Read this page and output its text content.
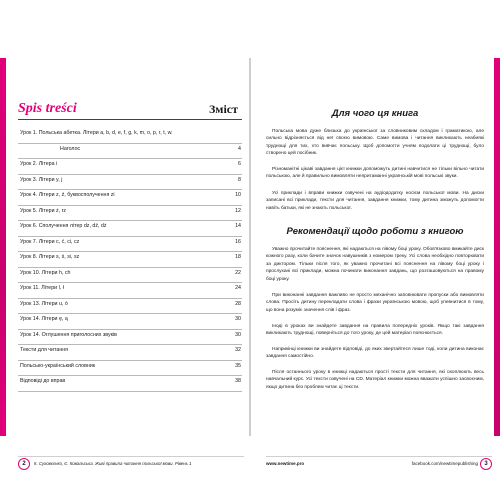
Spis treści	Зміст
Урок 1. Польська абетка. Літери a, b, d, e, f, g, k, m, o, p, r, t, w.
Наголос	4
Урок 2. Літера i	6
Урок 3. Літери y, j	8
Урок 4. Літери z, ź, буквосполучення zi	10
Урок 5. Літери ż, rz	12
Урок 6. Сполучення літер dz, dź, dż	14
Урок 7. Літери c, ć, ci, cz	16
Урок 8. Літери s, ś, si, sz	18
Урок 10. Літери h, ch	22
Урок 11. Літери l, ł	24
Урок 13. Літери u, ó	28
Урок 14. Літери ę, ą	30
Урок 14. Оглушення приголосних звуків	30
Тексти для читання	32
Польсько-український словник	35
Відповіді до вправ	38
2	К. Суховєєнко, Є. Ковальська. Живі правила читання польської мови. Рівень 1
Для чого ця книга
Польська мова дуже близька до української за словниковим складом і граматикою, але сильно відрізняється від неї своєю вимовою. Саме вимова і читання викликають неабиякі труднощі для тих, хто вивчає польську. Щоб допомогти учням подолати ці труднощі, було створено цей посібник.
Різноманітні цікаві завдання цієї книжки допоможуть дитині навчитися не тільки вільно читати польською, але й правильно вимовляти непритаманні українській мові польські звуки.
Усі приклади і вправи книжки озвучені на аудіододатку носієм польської мови. На диски записані всі приклади, тексти для читання, завдання книжки, тому дитина зможуть допомогти навіть батьки, які не знають польської.
Рекомендації щодо роботи з книгою
Уважно прочитайте пояснення, які надаються на лівому боці уроку. Обов'язково вмикайте диск кожного разу, коли бачите значок навушників з номером треку. Усі слова необхідно повторювати за диктором. Тільки після того, як уважно прочитані всі пояснення на лівому боці уроку і прослухані всі приклади, можна починати виконання завдань, що розташовуються на правому боці уроку.
При виконанні завдання важливо не просто механічно заповнювати пропуски або вимовляти слова. Просіть дитину перекладати слова і фрази українською мовою, щоб упевнитися в тому, що вона розуміє значення слів і фраз.
Іноді в уроках ви знайдете завдання на правила попередніх уроків. Якщо такі завдання викликають труднощі, поверніться до того уроку, де цей матеріал пояснюється.
Наприкінці книжки ви знайдете відповіді, до яких звертайтеся лише тоді, коли дитина виконає завдання самостійно.
Після останнього уроку в книжці надаються прості тексти для читання, які охоплюють весь навчальний курс. Усі тексти озвучені на CD. Матеріал книжки можна вважати успішно засвоєним, якщо дитина без проблем читає ці тексти.
www.newtime.pro	facebook.com/newtimepublishing	3
